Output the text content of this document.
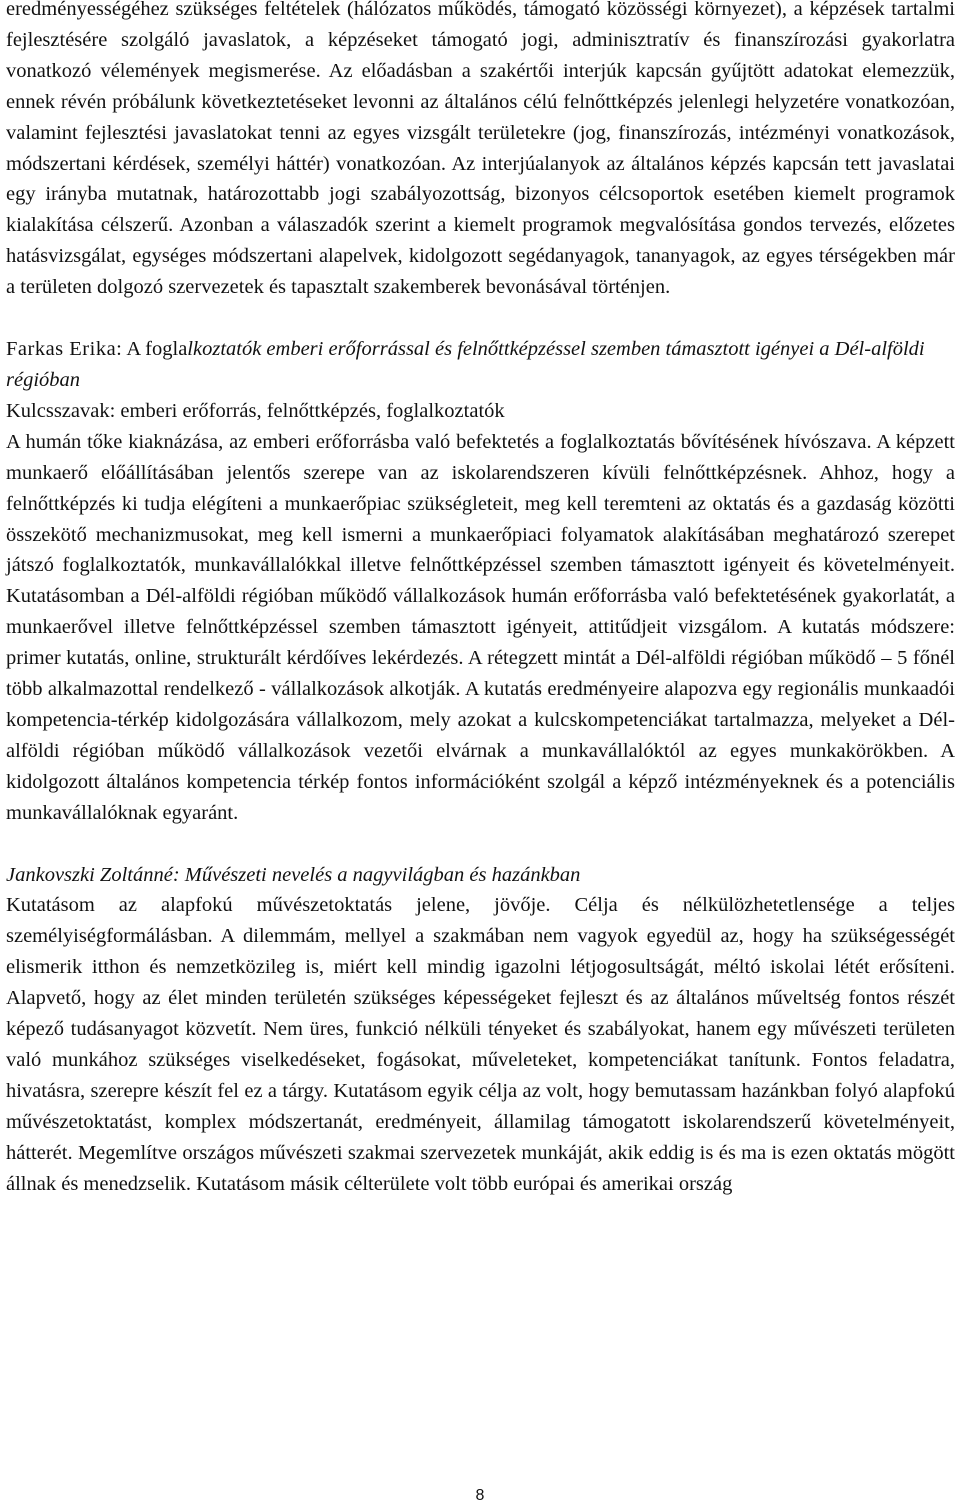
eredményességéhez szükséges feltételek (hálózatos működés, támogató közösségi környezet), a képzések tartalmi fejlesztésére szolgáló javaslatok, a képzéseket támogató jogi, adminisztratív és finanszírozási gyakorlatra vonatkozó vélemények megismerése. Az előadásban a szakértői interjúk kapcsán gyűjtött adatokat elemezzük, ennek révén próbálunk következtetéseket levonni az általános célú felnőttképzés jelenlegi helyzetére vonatkozóan, valamint fejlesztési javaslatokat tenni az egyes vizsgált területekre (jog, finanszírozás, intézményi vonatkozások, módszertani kérdések, személyi háttér) vonatkozóan. Az interjúalanyok az általános képzés kapcsán tett javaslatai egy irányba mutatnak, határozottabb jogi szabályozottság, bizonyos célcsoportok esetében kiemelt programok kialakítása célszerű. Azonban a válaszadók szerint a kiemelt programok megvalósítása gondos tervezés, előzetes hatásvizsgálat, egységes módszertani alapelvek, kidolgozott segédanyagok, tananyagok, az egyes térségekben már a területen dolgozó szervezetek és tapasztalt szakemberek bevonásával történjen.

Farkas Erika: A foglalkoztatók emberi erőforrással és felnőttképzéssel szemben támasztott igényei a Dél-alföldi régióban

Kulcsszavak: emberi erőforrás, felnőttképzés, foglalkoztatók

A humán tőke kiaknázása, az emberi erőforrásba való befektetés a foglalkoztatás bővítésének hívószava. A képzett munkaerő előállításában jelentős szerepe van az iskolarendszeren kívüli felnőttképzésnek. Ahhoz, hogy a felnőttképzés ki tudja elégíteni a munkaerőpiac szükségleteit, meg kell teremteni az oktatás és a gazdaság közötti összekötő mechanizmusokat, meg kell ismerni a munkaerőpiaci folyamatok alakításában meghatározó szerepet játszó foglalkoztatók, munkavállalókkal illetve felnőttképzéssel szemben támasztott igényeit és követelményeit. Kutatásomban a Dél-alföldi régióban működő vállalkozások humán erőforrásba való befektetésének gyakorlatát, a munkaerővel illetve felnőttképzéssel szemben támasztott igényeit, attitűdjeit vizsgálom. A kutatás módszere: primer kutatás, online, strukturált kérdőíves lekérdezés. A rétegzett mintát a Dél-alföldi régióban működő – 5 főnél több alkalmazottal rendelkező - vállalkozások alkotják. A kutatás eredményeire alapozva egy regionális munkaadói kompetencia-térkép kidolgozására vállalkozom, mely azokat a kulcskompetenciákat tartalmazza, melyeket a Dél-alföldi régióban működő vállalkozások vezetői elvárnak a munkavállalóktól az egyes munkakörökben. A kidolgozott általános kompetencia térkép fontos információként szolgál a képző intézményeknek és a potenciális munkavállalóknak egyaránt.

Jankovszki Zoltánné: Művészeti nevelés a nagyvilágban és hazánkban

Kutatásom az alapfokú művészetoktatás jelene, jövője. Célja és nélkülözhetetlensége a teljes személyiségformálásban. A dilemmám, mellyel a szakmában nem vagyok egyedül az, hogy ha szükségességét elismerik itthon és nemzetközileg is, miért kell mindig igazolni létjogosultságát, méltó iskolai létét erősíteni. Alapvető, hogy az élet minden területén szükséges képességeket fejleszt és az általános műveltség fontos részét képező tudásanyagot közvetít. Nem üres, funkció nélküli tényeket és szabályokat, hanem egy művészeti területen való munkához szükséges viselkedéseket, fogásokat, műveleteket, kompetenciákat tanítunk. Fontos feladatra, hivatásra, szerepre készít fel ez a tárgy. Kutatásom egyik célja az volt, hogy bemutassam hazánkban folyó alapfokú művészetoktatást, komplex módszertanát, eredményeit, államilag támogatott iskolarendszerű követelményeit, hátterét. Megemlítve országos művészeti szakmai szervezetek munkáját, akik eddig is és ma is ezen oktatás mögött állnak és menedzselik. Kutatásom másik célterülete volt több európai és amerikai ország

8
